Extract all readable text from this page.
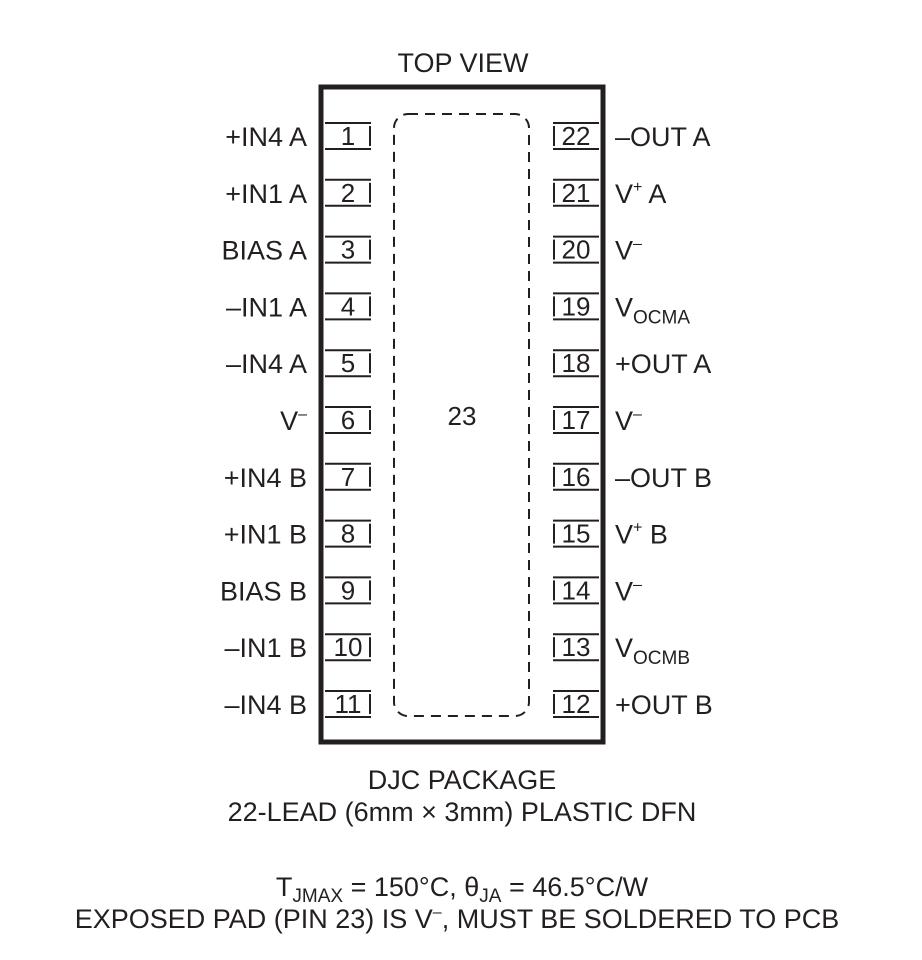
TOP VIEW
23
1
+IN4 A
2
+IN1 A
3
BIAS A
4
–IN1 A
5
–IN4 A
6
V–
7
+IN4 B
8
+IN1 B
9
BIAS B
10
–IN1 B
11
–IN4 B
22 –OUT A
21 V+ A
20 V–
19 $V_{OCMA}$
18 +OUT A
17 V–
16 –OUT B
15 V+ B
14 V–
13 $V_{OCMB}$
12 +OUT B
DJC PACKAGE
22-LEAD (6mm × 3mm) PLASTIC DFN
$T_{JMAX} = 150^\circ C$, $\theta_{JA} = 46.5^\circ C/W$
EXPOSED PAD (PIN 23) IS V–, MUST BE SOLDERED TO PCB
